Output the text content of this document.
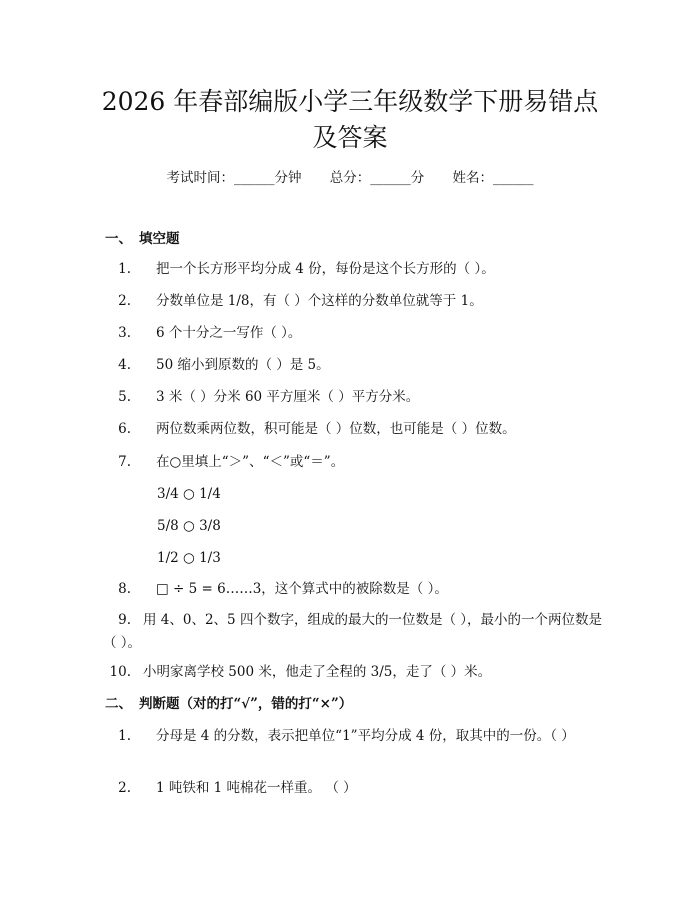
2026 年春部编版小学三年级数学下册易错点
及答案
考试时间：______分钟 总分：______分 姓名：______
一、 填空题
1. 把一个长方形平均分成 4 份，每份是这个长方形的（ ）。
2. 分数单位是 1/8，有（ ）个这样的分数单位就等于 1。
3. 6 个十分之一写作（ ）。
4. 50 缩小到原数的（ ）是 5。
5. 3 米（ ）分米 60 平方厘米（ ）平方分米。
6. 两位数乘两位数，积可能是（ ）位数，也可能是（ ）位数。
7. 在○里填上“＞”、“＜”或“＝”。
3/4 ○ 1/4
5/8 ○ 3/8
1/2 ○ 1/3
8. □ ÷ 5 = 6……3，这个算式中的被除数是（ ）。
9. 用 4、0、2、5 四个数字，组成的最大的一位数是（ ），最小的一个两位数是（ ）。
10. 小明家离学校 500 米，他走了全程的 3/5，走了（ ）米。
二、 判断题（对的打“√”，错的打“×”）
1. 分母是 4 的分数，表示把单位“1”平均分成 4 份，取其中的一份。（ ）
2. 1 吨铁和 1 吨棉花一样重。 （ ）
